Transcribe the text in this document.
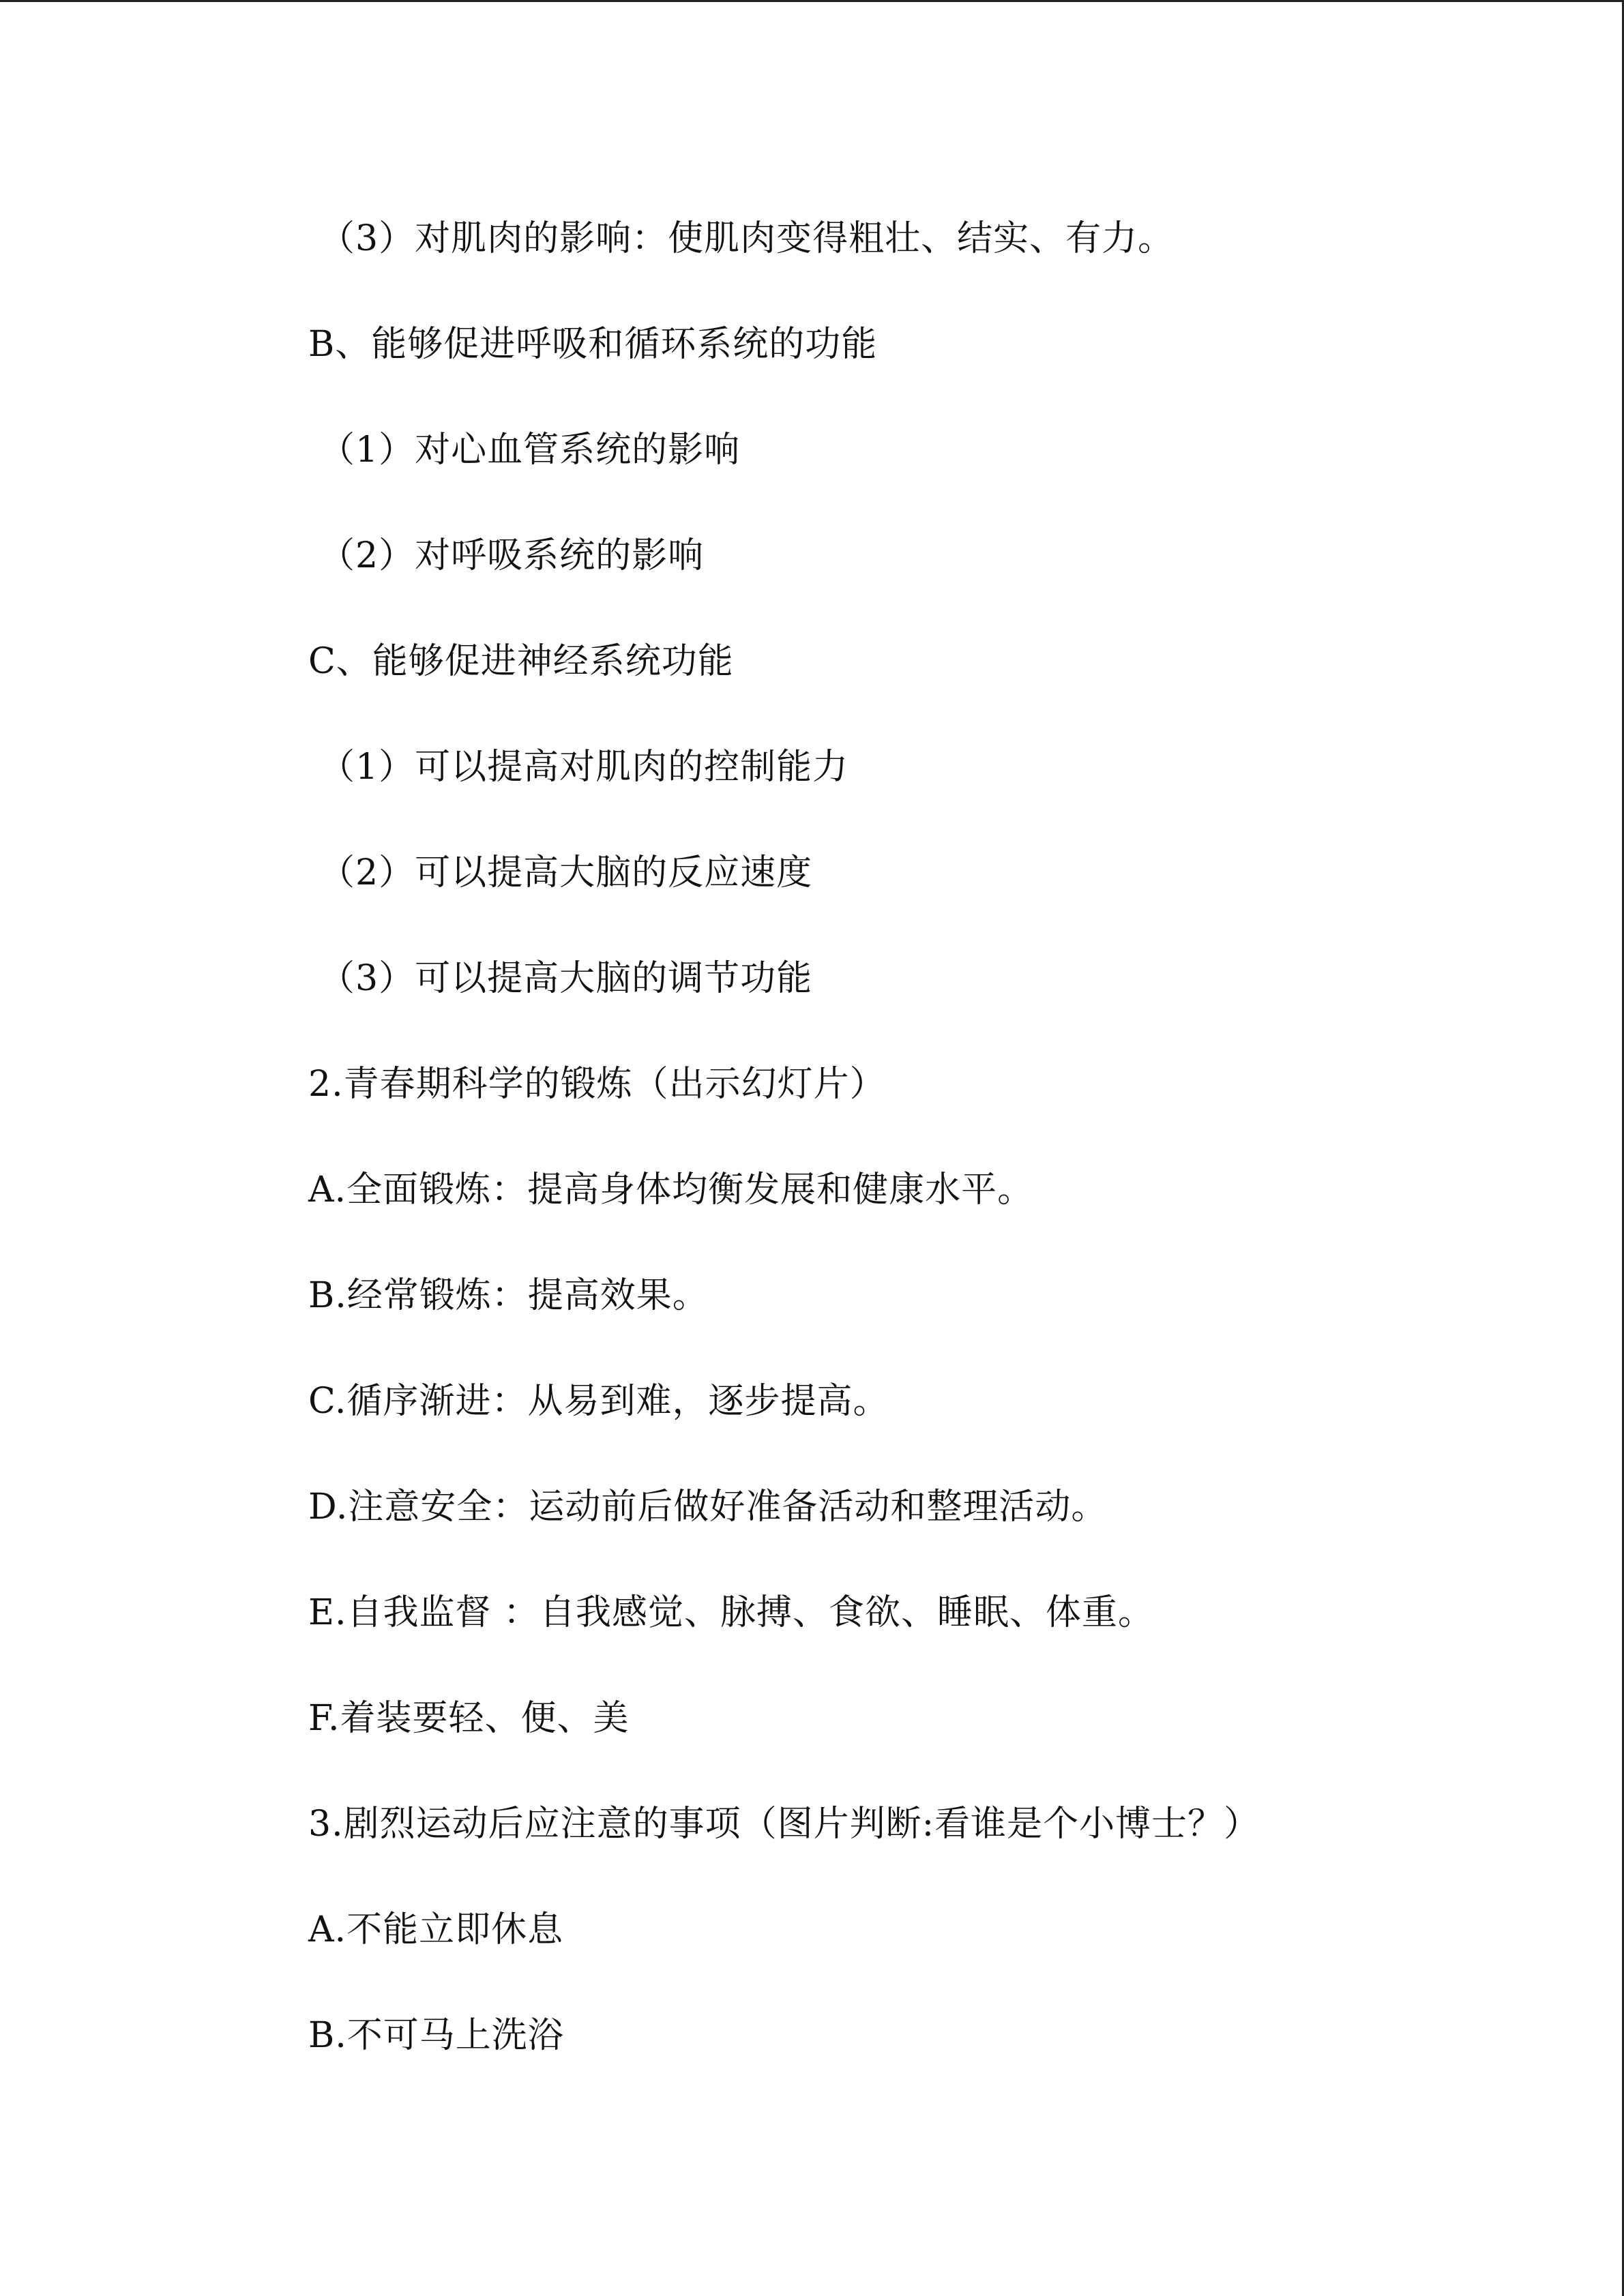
（3）对肌肉的影响：使肌肉变得粗壮、结实、有力。
B、能够促进呼吸和循环系统的功能
（1）对心血管系统的影响
（2）对呼吸系统的影响
C、能够促进神经系统功能
（1）可以提高对肌肉的控制能力
（2）可以提高大脑的反应速度
（3）可以提高大脑的调节功能
2.青春期科学的锻炼（出示幻灯片）
A.全面锻炼：提高身体均衡发展和健康水平。
B.经常锻炼：提高效果。
C.循序渐进：从易到难，逐步提高。
D.注意安全：运动前后做好准备活动和整理活动。
E.自我监督 ：自我感觉、脉搏、食欲、睡眠、体重。
F.着装要轻、便、美
3.剧烈运动后应注意的事项（图片判断:看谁是个小博士？）
A.不能立即休息
B.不可马上洗浴
